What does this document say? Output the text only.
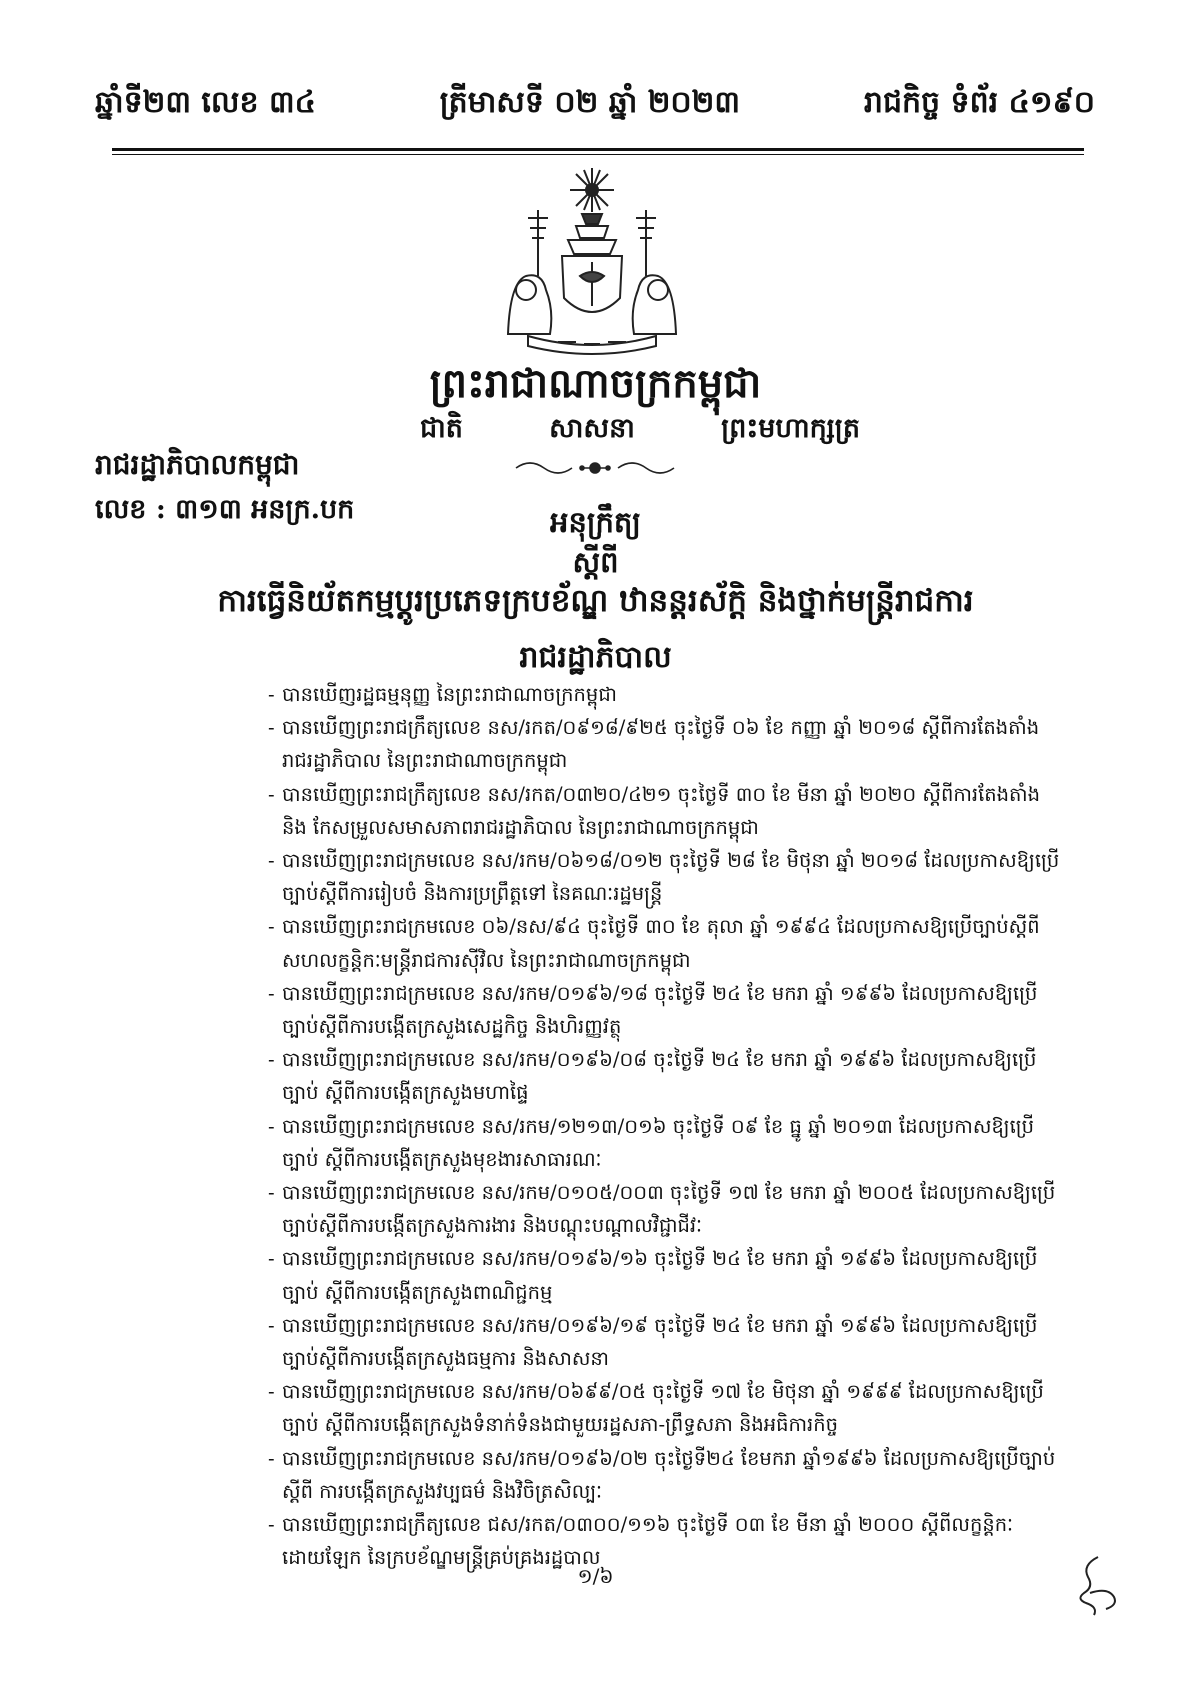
ឆ្នាំទី២៣ លេខ ៣៤	ត្រីមាសទី ០២ ឆ្នាំ ២០២៣	រាជកិច្ច ទំព័រ ៤១៩០
ព្រះរាជាណាចក្រកម្ពុជា
ជាតិ	សាសនា	ព្រះមហាក្សត្រ
រាជរដ្ឋាភិបាលកម្ពុជា
លេខ : ៣១៣ អនក្រ.បក	អនុក្រឹត្យ
ស្តីពី
ការធ្វើនិយ័តកម្មប្តូរប្រភេទក្របខ័ណ្ឌ ឋានន្តរស័ក្តិ និងថ្នាក់មន្ត្រីរាជការ
រាជរដ្ឋាភិបាល
- បានឃើញរដ្ឋធម្មនុញ្ញ នៃព្រះរាជាណាចក្រកម្ពុជា
- បានឃើញព្រះរាជក្រឹត្យលេខ នស/រកត/០៩១៨/៩២៥ ចុះថ្ងៃទី ០៦ ខែ កញ្ញា ឆ្នាំ ២០១៨ ស្តីពីការតែងតាំង រាជរដ្ឋាភិបាល នៃព្រះរាជាណាចក្រកម្ពុជា
- បានឃើញព្រះរាជក្រឹត្យលេខ នស/រកត/០៣២០/៤២១ ចុះថ្ងៃទី ៣០ ខែ មីនា ឆ្នាំ ២០២០ ស្តីពីការតែងតាំង និង កែសម្រួលសមាសភាពរាជរដ្ឋាភិបាល នៃព្រះរាជាណាចក្រកម្ពុជា
- បានឃើញព្រះរាជក្រមលេខ នស/រកម/០៦១៨/០១២ ចុះថ្ងៃទី ២៨ ខែ មិថុនា ឆ្នាំ ២០១៨ ដែលប្រកាសឱ្យប្រើ ច្បាប់ស្តីពីការរៀបចំ និងការប្រព្រឹត្តទៅ នៃគណៈរដ្ឋមន្ត្រី
- បានឃើញព្រះរាជក្រមលេខ ០៦/នស/៩៤ ចុះថ្ងៃទី ៣០ ខែ តុលា ឆ្នាំ ១៩៩៤ ដែលប្រកាសឱ្យប្រើច្បាប់ស្តីពី សហលក្ខន្តិកៈមន្ត្រីរាជការស៊ីវិល នៃព្រះរាជាណាចក្រកម្ពុជា
- បានឃើញព្រះរាជក្រមលេខ នស/រកម/០១៩៦/១៨ ចុះថ្ងៃទី ២៤ ខែ មករា ឆ្នាំ ១៩៩៦ ដែលប្រកាសឱ្យប្រើ ច្បាប់ស្តីពីការបង្កើតក្រសួងសេដ្ឋកិច្ច និងហិរញ្ញវត្ថុ
- បានឃើញព្រះរាជក្រមលេខ នស/រកម/០១៩៦/០៨ ចុះថ្ងៃទី ២៤ ខែ មករា ឆ្នាំ ១៩៩៦ ដែលប្រកាសឱ្យប្រើច្បាប់ ស្តីពីការបង្កើតក្រសួងមហាផ្ទៃ
- បានឃើញព្រះរាជក្រមលេខ នស/រកម/១២១៣/០១៦ ចុះថ្ងៃទី ០៩ ខែ ធ្នូ ឆ្នាំ ២០១៣ ដែលប្រកាសឱ្យប្រើច្បាប់ ស្តីពីការបង្កើតក្រសួងមុខងារសាធារណៈ
- បានឃើញព្រះរាជក្រមលេខ នស/រកម/០១០៥/០០៣ ចុះថ្ងៃទី ១៧ ខែ មករា ឆ្នាំ ២០០៥ ដែលប្រកាសឱ្យប្រើ ច្បាប់ស្តីពីការបង្កើតក្រសួងការងារ និងបណ្តុះបណ្តាលវិជ្ជាជីវៈ
- បានឃើញព្រះរាជក្រមលេខ នស/រកម/០១៩៦/១៦ ចុះថ្ងៃទី ២៤ ខែ មករា ឆ្នាំ ១៩៩៦ ដែលប្រកាសឱ្យប្រើច្បាប់ ស្តីពីការបង្កើតក្រសួងពាណិជ្ជកម្ម
- បានឃើញព្រះរាជក្រមលេខ នស/រកម/០១៩៦/១៩ ចុះថ្ងៃទី ២៤ ខែ មករា ឆ្នាំ ១៩៩៦ ដែលប្រកាសឱ្យប្រើ ច្បាប់ស្តីពីការបង្កើតក្រសួងធម្មការ និងសាសនា
- បានឃើញព្រះរាជក្រមលេខ នស/រកម/០៦៩៩/០៥ ចុះថ្ងៃទី ១៧ ខែ មិថុនា ឆ្នាំ ១៩៩៩ ដែលប្រកាសឱ្យប្រើច្បាប់ ស្តីពីការបង្កើតក្រសួងទំនាក់ទំនងជាមួយរដ្ឋសភា-ព្រឹទ្ធសភា និងអធិការកិច្ច
- បានឃើញព្រះរាជក្រមលេខ នស/រកម/០១៩៦/០២ ចុះថ្ងៃទី២៤ ខែមករា ឆ្នាំ១៩៩៦ ដែលប្រកាសឱ្យប្រើច្បាប់ស្តីពី ការបង្កើតក្រសួងវប្បធម៌ និងវិចិត្រសិល្បៈ
- បានឃើញព្រះរាជក្រឹត្យលេខ ជស/រកត/០៣០០/១១៦ ចុះថ្ងៃទី ០៣ ខែ មីនា ឆ្នាំ ២០០០ ស្តីពីលក្ខន្តិកៈដោយឡែក នៃក្របខ័ណ្ឌមន្ត្រីគ្រប់គ្រងរដ្ឋបាល
១/៦
